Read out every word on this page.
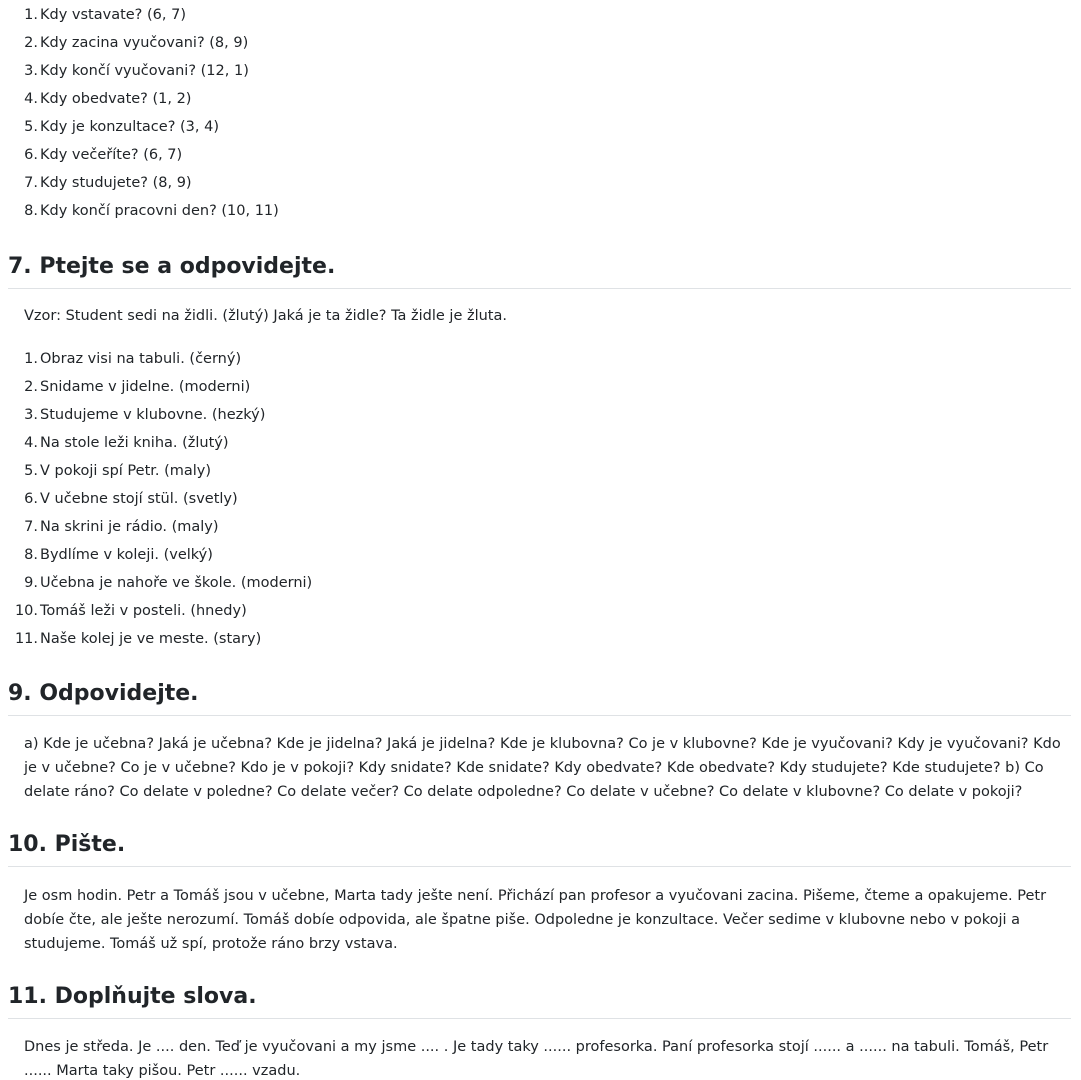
1. Kdy vstavate? (6, 7)
2. Kdy zacina vyučovani? (8, 9)
3. Kdy končí vyučovani? (12, 1)
4. Kdy obedvate? (1, 2)
5. Kdy je konzultace? (3, 4)
6. Kdy večeříte? (6, 7)
7. Kdy studujete? (8, 9)
8. Kdy končí pracovni den? (10, 11)
7. Ptejte se a odpovidejte.

Vzor: Student sedi na židli. (žlutý) Jaká je ta židle? Ta židle je žluta.

1. Obraz visi na tabuli. (černý)
2. Snidame v jidelne. (moderni)
3. Studujeme v klubovne. (hezký)
4. Na stole leži kniha. (žlutý)
5. V pokoji spí Petr. (maly)
6. V učebne stojí stül. (svetly)
7. Na skrini je rádio. (maly)
8. Bydlíme v koleji. (velký)
9. Učebna je nahoře ve škole. (moderni)
10. Tomáš leži v posteli. (hnedy)
11. Naše kolej je ve meste. (stary)
9. Odpovidejte.

a) Kde je učebna? Jaká je učebna? Kde je jidelna? Jaká je jidelna? Kde je klubovna? Co je v klubovne? Kde je vyučovani? Kdy je vyučovani? Kdo je v učebne? Co je v učebne? Kdo je v pokoji? Kdy snidate? Kde snidate? Kdy obedvate? Kde obedvate? Kdy studujete? Kde studujete? b) Co delate ráno? Co delate v poledne? Co delate večer? Co delate odpoledne? Co delate v učebne? Co delate v klubovne? Co delate v pokoji?

10. Pište.

Je osm hodin. Petr a Tomáš jsou v učebne, Marta tady ješte není. Přichází pan profesor a vyučovani zacina. Pišeme, čteme a opakujeme. Petr dobíe čte, ale ješte nerozumí. Tomáš dobíe odpovida, ale špatne piše. Odpoledne je konzultace. Večer sedime v klubovne nebo v pokoji a studujeme. Tomáš už spí, protože ráno brzy vstava.

11. Doplňujte slova.

Dnes je středa. Je .... den. Teď je vyučovani a my jsme .... . Je tady taky ...... profesorka. Paní profesorka stojí ...... a ...... na tabuli. Tomáš, Petr ...... Marta taky pišou. Petr ...... vzadu.
